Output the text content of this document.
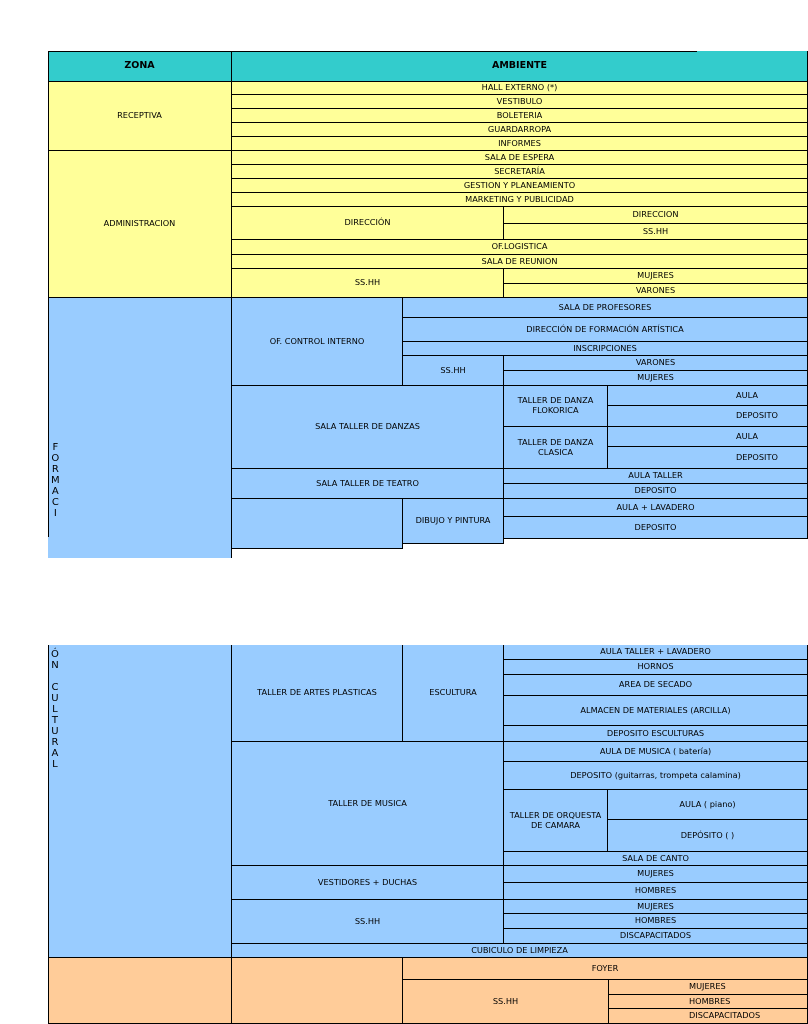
ZONA	AMBIENTE
RECEPTIVA
HALL EXTERNO (*)
VESTIBULO
BOLETERIA
GUARDARROPA
INFORMES
ADMINISTRACION
SALA DE ESPERA
SECRETARÍA
GESTION Y PLANEAMIENTO
MARKETING Y PUBLICIDAD
DIRECCIÓN
DIRECCION
SS.HH
OF.LOGISTICA
SALA DE REUNION
SS.HH
MUJERES
VARONES
F
O
R
M
A
C
I
OF. CONTROL INTERNO
SALA DE PROFESORES
DIRECCIÓN DE FORMACIÓN ARTÍSTICA
INSCRIPCIONES
SS.HH
VARONES
MUJERES
SALA TALLER DE DANZAS
TALLER DE DANZA FLOKORICA
AULA
DEPOSITO
TALLER DE DANZA CLASICA
AULA
DEPOSITO
SALA TALLER DE TEATRO
AULA TALLER
DEPOSITO
DIBUJO Y PINTURA
AULA + LAVADERO
DEPOSITO
Ó
N

C
U
L
T
U
R
A
L
TALLER DE ARTES PLASTICAS
AULA TALLER + LAVADERO
HORNOS
AREA DE SECADO
ESCULTURA
ALMACEN DE MATERIALES (ARCILLA)
DEPOSITO ESCULTURAS
TALLER DE MUSICA
AULA DE MUSICA ( batería)
DEPOSITO (guitarras, trompeta calamina)
TALLER DE ORQUESTA DE CAMARA
AULA ( piano)
DEPÓSITO ( )
SALA DE CANTO
VESTIDORES + DUCHAS
MUJERES
HOMBRES
SS.HH
MUJERES
HOMBRES
DISCAPACITADOS
CUBICULO DE LIMPIEZA
FOYER
SS.HH
MUJERES
HOMBRES
DISCAPACITADOS
